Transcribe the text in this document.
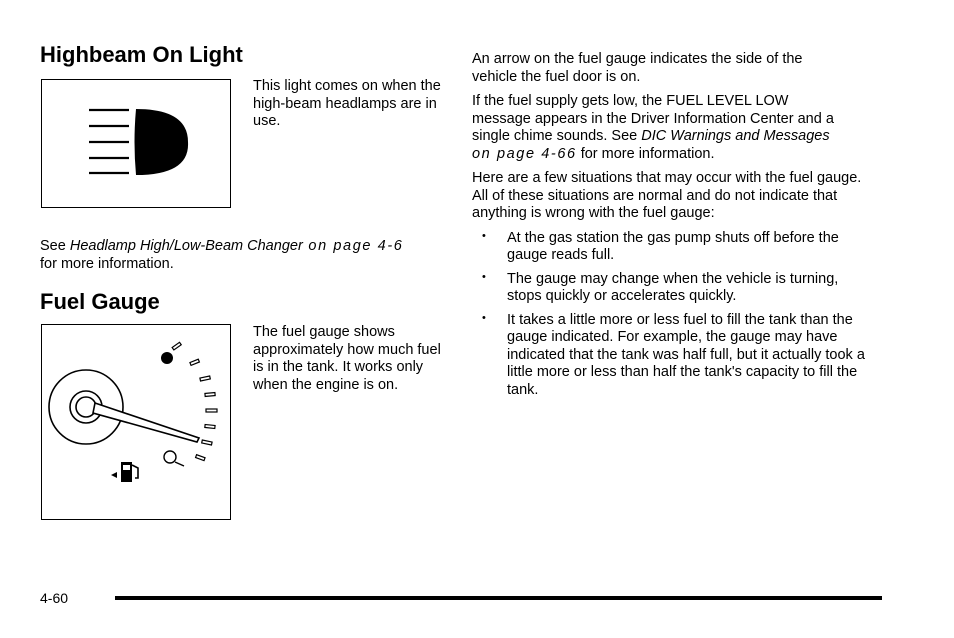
Highbeam On Light
This light comes on when the high-beam headlamps are in use.
See Headlamp High/Low-Beam Changer on page 4-6
for more information.
Fuel Gauge
The fuel gauge shows approximately how much fuel is in the tank. It works only when the engine is on.

An arrow on the fuel gauge indicates the side of the vehicle the fuel door is on.

If the fuel supply gets low, the FUEL LEVEL LOW message appears in the Driver Information Center and a single chime sounds. See DIC Warnings and Messages on page 4-66 for more information.

Here are a few situations that may occur with the fuel gauge. All of these situations are normal and do not indicate that anything is wrong with the fuel gauge:

• At the gas station the gas pump shuts off before the gauge reads full.
• The gauge may change when the vehicle is turning, stops quickly or accelerates quickly.
• It takes a little more or less fuel to fill the tank than the gauge indicated. For example, the gauge may have indicated that the tank was half full, but it actually took a little more or less than half the tank's capacity to fill the tank.
4-60
